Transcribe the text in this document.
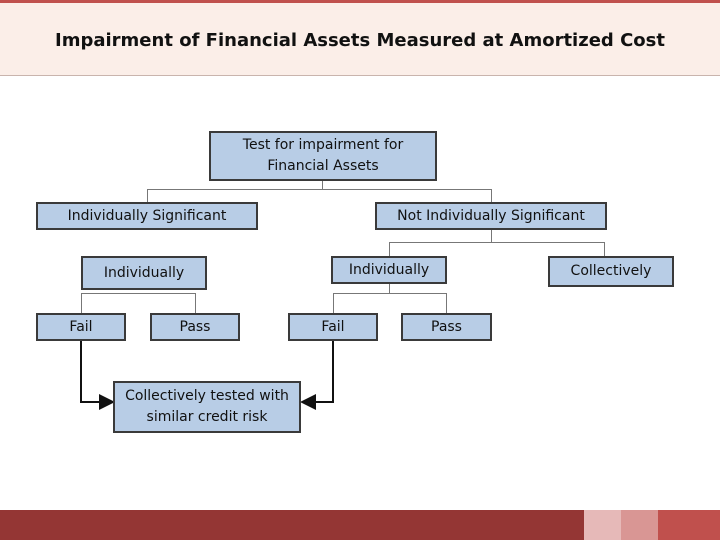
Impairment of Financial Assets Measured at Amortized Cost
Test for impairment for Financial Assets
Individually Significant	Not Individually Significant
Individually	Individually	Collectively
Fail	Pass	Fail	Pass
Collectively tested with similar credit risk
